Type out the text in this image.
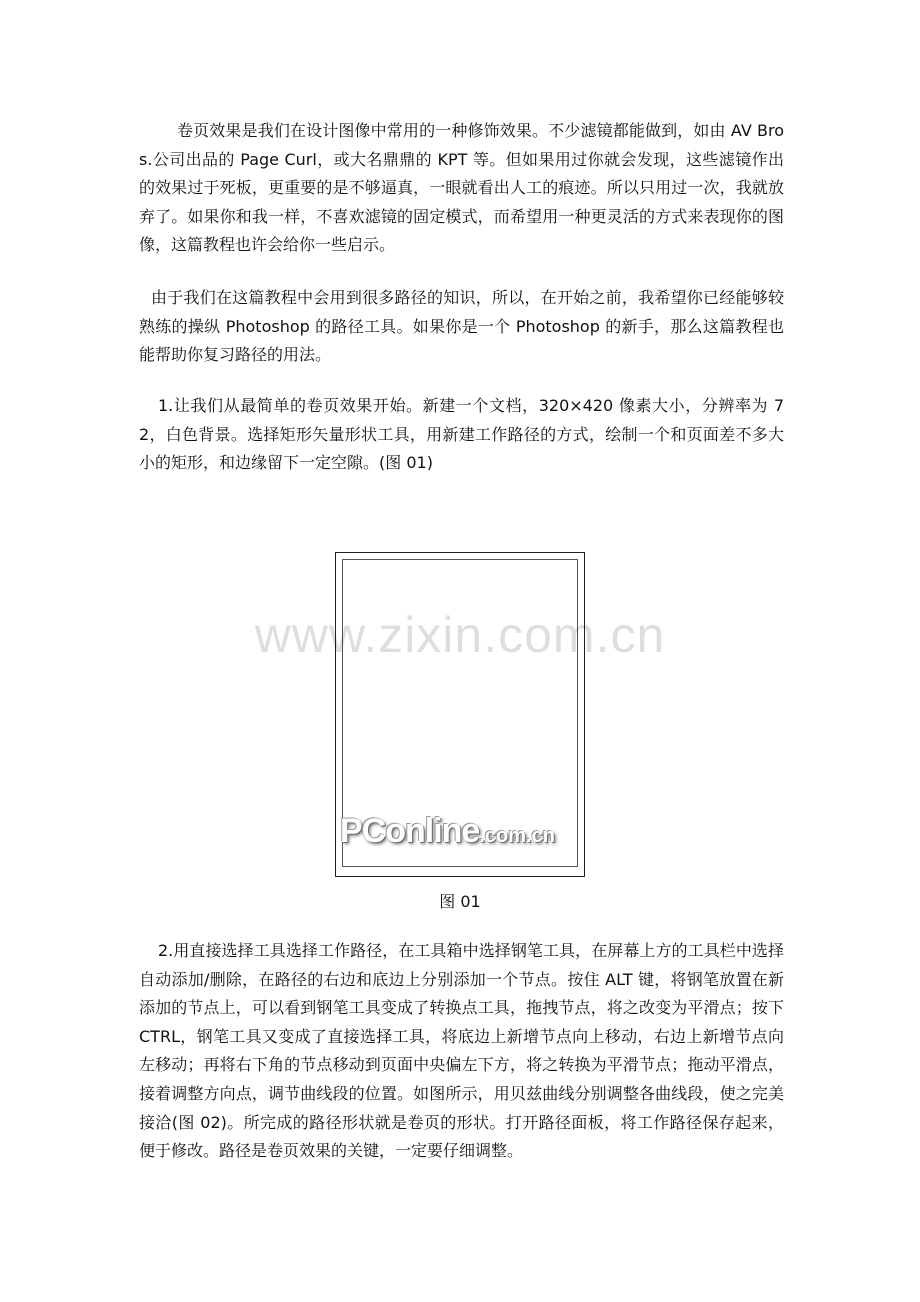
卷页效果是我们在设计图像中常用的一种修饰效果。不少滤镜都能做到，如由 AV Bros.公司出品的 Page Curl，或大名鼎鼎的 KPT 等。但如果用过你就会发现，这些滤镜作出的效果过于死板，更重要的是不够逼真，一眼就看出人工的痕迹。所以只用过一次，我就放弃了。如果你和我一样，不喜欢滤镜的固定模式，而希望用一种更灵活的方式来表现你的图像，这篇教程也许会给你一些启示。

由于我们在这篇教程中会用到很多路径的知识，所以，在开始之前，我希望你已经能够较熟练的操纵 Photoshop 的路径工具。如果你是一个 Photoshop 的新手，那么这篇教程也能帮助你复习路径的用法。

1.让我们从最简单的卷页效果开始。新建一个文档，320×420 像素大小，分辨率为 72，白色背景。选择矩形矢量形状工具，用新建工作路径的方式，绘制一个和页面差不多大小的矩形，和边缘留下一定空隙。(图 01)

PConline.com.cn

图 01

2.用直接选择工具选择工作路径，在工具箱中选择钢笔工具，在屏幕上方的工具栏中选择自动添加/删除，在路径的右边和底边上分别添加一个节点。按住 ALT 键，将钢笔放置在新添加的节点上，可以看到钢笔工具变成了转换点工具，拖拽节点，将之改变为平滑点；按下 CTRL，钢笔工具又变成了直接选择工具，将底边上新增节点向上移动，右边上新增节点向左移动；再将右下角的节点移动到页面中央偏左下方，将之转换为平滑节点；拖动平滑点，接着调整方向点，调节曲线段的位置。如图所示，用贝兹曲线分别调整各曲线段，使之完美接洽(图 02)。所完成的路径形状就是卷页的形状。打开路径面板，将工作路径保存起来，便于修改。路径是卷页效果的关键，一定要仔细调整。
